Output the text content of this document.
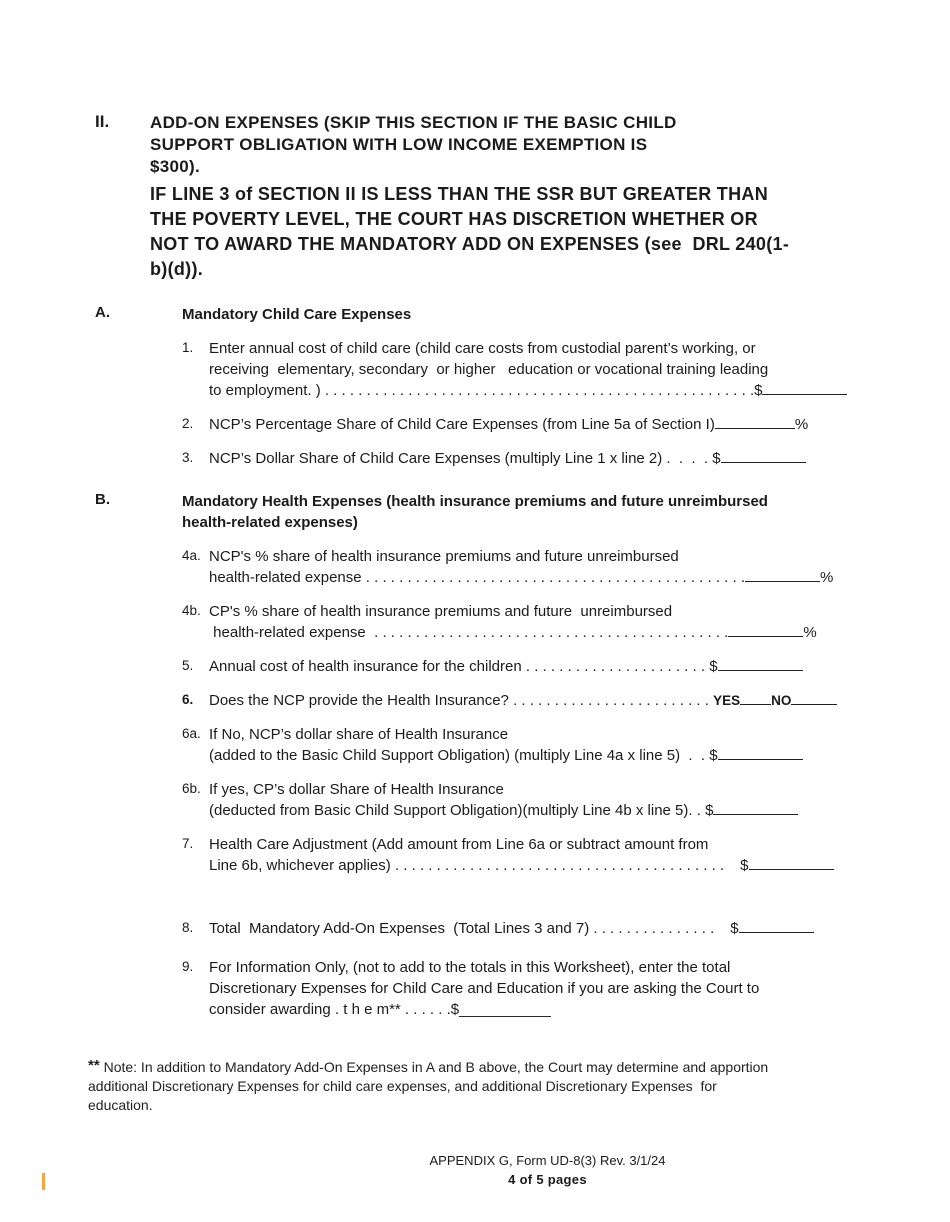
II.	ADD-ON EXPENSES (SKIP THIS SECTION IF THE BASIC CHILD
SUPPORT OBLIGATION WITH LOW INCOME EXEMPTION IS
$300).
IF LINE 3 of SECTION II IS LESS THAN THE SSR BUT GREATER THAN
THE POVERTY LEVEL, THE COURT HAS DISCRETION WHETHER OR
NOT TO AWARD THE MANDATORY ADD ON EXPENSES (see  DRL 240(1-
b)(d)).
A.	Mandatory Child Care Expenses
1.	Enter annual cost of child care (child care costs from custodial parent’s working, or
receiving  elementary, secondary  or higher   education or vocational training leading
to employment. ) . . . . . . . . . . . . . . . . . . . . . . . . . . . . . . . . . . . . . . . . . . . . . . . . . . . .$
2.	NCP’s Percentage Share of Child Care Expenses (from Line 5a of Section I)	%
3.	NCP’s Dollar Share of Child Care Expenses (multiply Line 1 x line 2) .  .  .  . $
B.	Mandatory Health Expenses (health insurance premiums and future unreimbursed
health-related expenses)
4a. NCP's % share of health insurance premiums and future unreimbursed
health-related expense . . . . . . . . . . . . . . . . . . . . . . . . . . . . . . . . . . . . . . . . . . . . . .	%
4b. CP's % share of health insurance premiums and future  unreimbursed
health-related expense  . . . . . . . . . . . . . . . . . . . . . . . . . . . . . . . . . . . . . . . . . . .	%
5.	Annual cost of health insurance for the children . . . . . . . . . . . . . . . . . . . . . . $
6.	Does the NCP provide the Health Insurance? . . . . . . . . . . . . . . . . . . . . . . . . YES NO
6a. If No, NCP’s dollar share of Health Insurance
(added to the Basic Child Support Obligation) (multiply Line 4a x line 5)  .  . $
6b. If yes, CP’s dollar Share of Health Insurance
(deducted from Basic Child Support Obligation)(multiply Line 4b x line 5). . $
7.	Health Care Adjustment (Add amount from Line 6a or subtract amount from
Line 6b, whichever applies) . . . . . . . . . . . . . . . . . . . . . . . . . . . . . . . . . . . . . . . . $
8.	Total  Mandatory Add-On Expenses  (Total Lines 3 and 7) . . . . . . . . . . . . . . . $
9.	For Information Only, (not to add to the totals in this Worksheet), enter the total
Discretionary Expenses for Child Care and Education if you are asking the Court to
consider awarding . t h e m** . . . . . .$___________
** Note: In addition to Mandatory Add-On Expenses in A and B above, the Court may determine and apportion
additional Discretionary Expenses for child care expenses, and additional Discretionary Expenses  for
education.
APPENDIX G, Form UD-8(3) Rev. 3/1/24
4 of 5 pages
